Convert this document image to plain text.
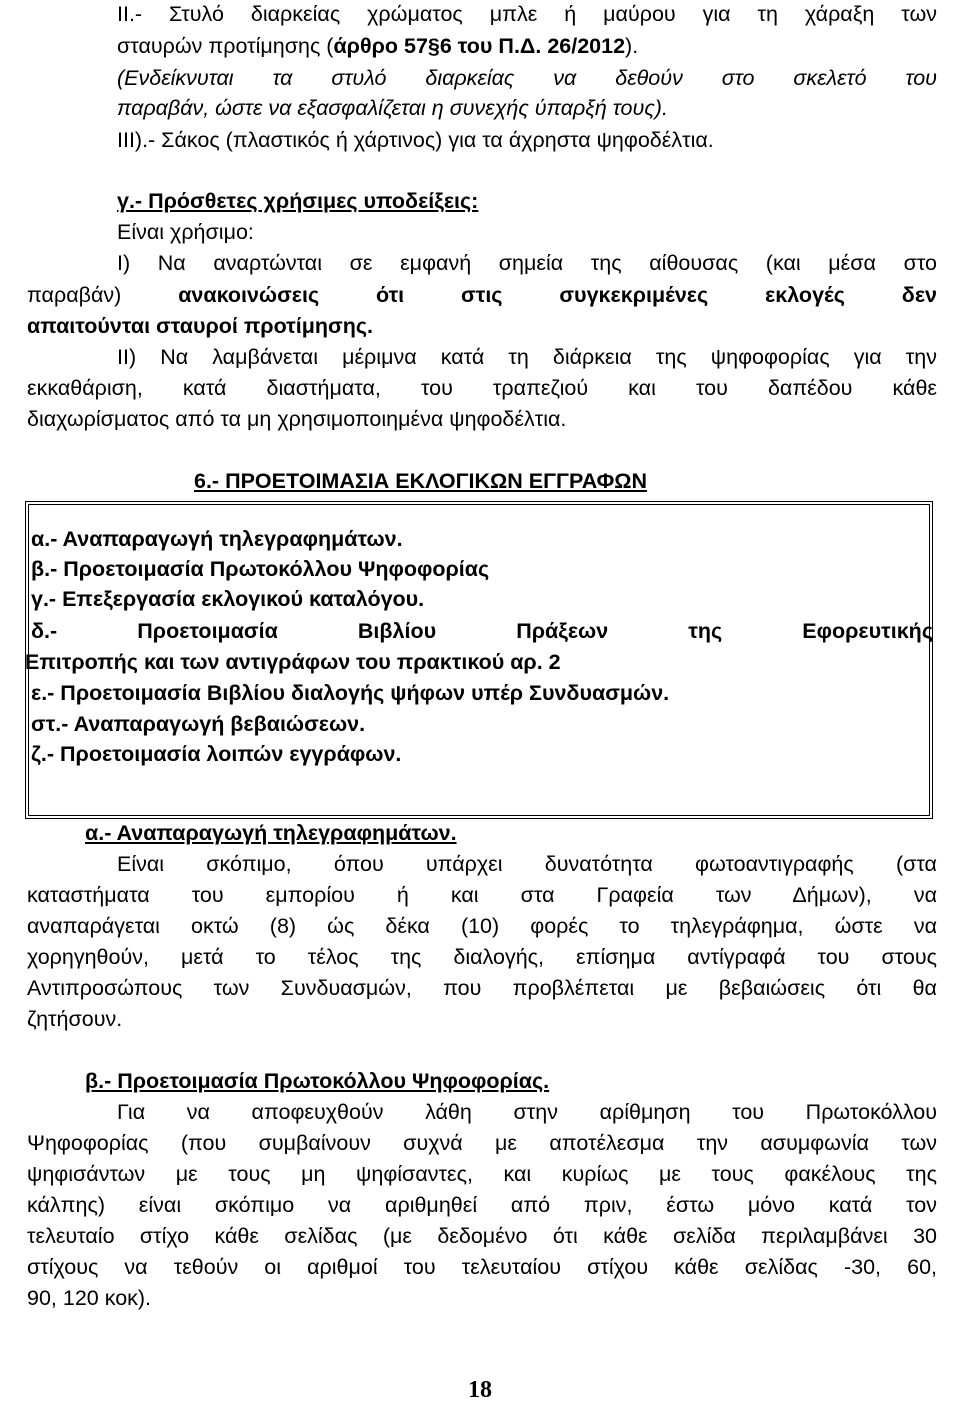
ΙΙ.- Στυλό διαρκείας χρώματος μπλε ή μαύρου για τη χάραξη των
σταυρών προτίμησης (άρθρο 57§6 του Π.Δ. 26/2012).
(Ενδείκνυται τα στυλό διαρκείας να δεθούν στο σκελετό του
παραβάν, ώστε να εξασφαλίζεται η συνεχής ύπαρξή τους).
ΙΙΙ).- Σάκος (πλαστικός ή χάρτινος) για τα άχρηστα ψηφοδέλτια.
γ.- Πρόσθετες χρήσιμες υποδείξεις:
Είναι χρήσιμο:
Ι) Να αναρτώνται σε εμφανή σημεία της αίθουσας (και μέσα στο
παραβάν) ανακοινώσεις ότι στις συγκεκριμένες εκλογές δεν
απαιτούνται σταυροί προτίμησης.
ΙΙ) Να λαμβάνεται μέριμνα κατά τη διάρκεια της ψηφοφορίας για την
εκκαθάριση, κατά διαστήματα, του τραπεζιού και του δαπέδου κάθε
διαχωρίσματος από τα μη χρησιμοποιημένα ψηφοδέλτια.
6.- ΠΡΟΕΤΟΙΜΑΣΙΑ ΕΚΛΟΓΙΚΩΝ ΕΓΓΡΑΦΩΝ
α.- Αναπαραγωγή τηλεγραφημάτων.
β.- Προετοιμασία Πρωτοκόλλου Ψηφοφορίας
γ.- Επεξεργασία εκλογικού καταλόγου.
δ.- Προετοιμασία Βιβλίου Πράξεων της Εφορευτικής
Επιτροπής και των αντιγράφων του πρακτικού αρ. 2
ε.- Προετοιμασία Βιβλίου διαλογής ψήφων υπέρ Συνδυασμών.
στ.- Αναπαραγωγή βεβαιώσεων.
ζ.- Προετοιμασία λοιπών εγγράφων.
α.- Αναπαραγωγή τηλεγραφημάτων.
Είναι σκόπιμο, όπου υπάρχει δυνατότητα φωτοαντιγραφής (στα
καταστήματα του εμπορίου ή και στα Γραφεία των Δήμων), να
αναπαράγεται οκτώ (8) ώς δέκα (10) φορές το τηλεγράφημα, ώστε να
χορηγηθούν, μετά το τέλος της διαλογής, επίσημα αντίγραφά του στους
Αντιπροσώπους των Συνδυασμών, που προβλέπεται με βεβαιώσεις ότι θα
ζητήσουν.
β.- Προετοιμασία Πρωτοκόλλου Ψηφοφορίας.
Για να αποφευχθούν λάθη στην αρίθμηση του Πρωτοκόλλου
Ψηφοφορίας (που συμβαίνουν συχνά με αποτέλεσμα την ασυμφωνία των
ψηφισάντων με τους μη ψηφίσαντες, και κυρίως με τους φακέλους της
κάλπης) είναι σκόπιμο να αριθμηθεί από πριν, έστω μόνο κατά τον
τελευταίο στίχο κάθε σελίδας (με δεδομένο ότι κάθε σελίδα περιλαμβάνει 30
στίχους να τεθούν οι αριθμοί του τελευταίου στίχου κάθε σελίδας -30, 60,
90, 120 κοκ).
18
